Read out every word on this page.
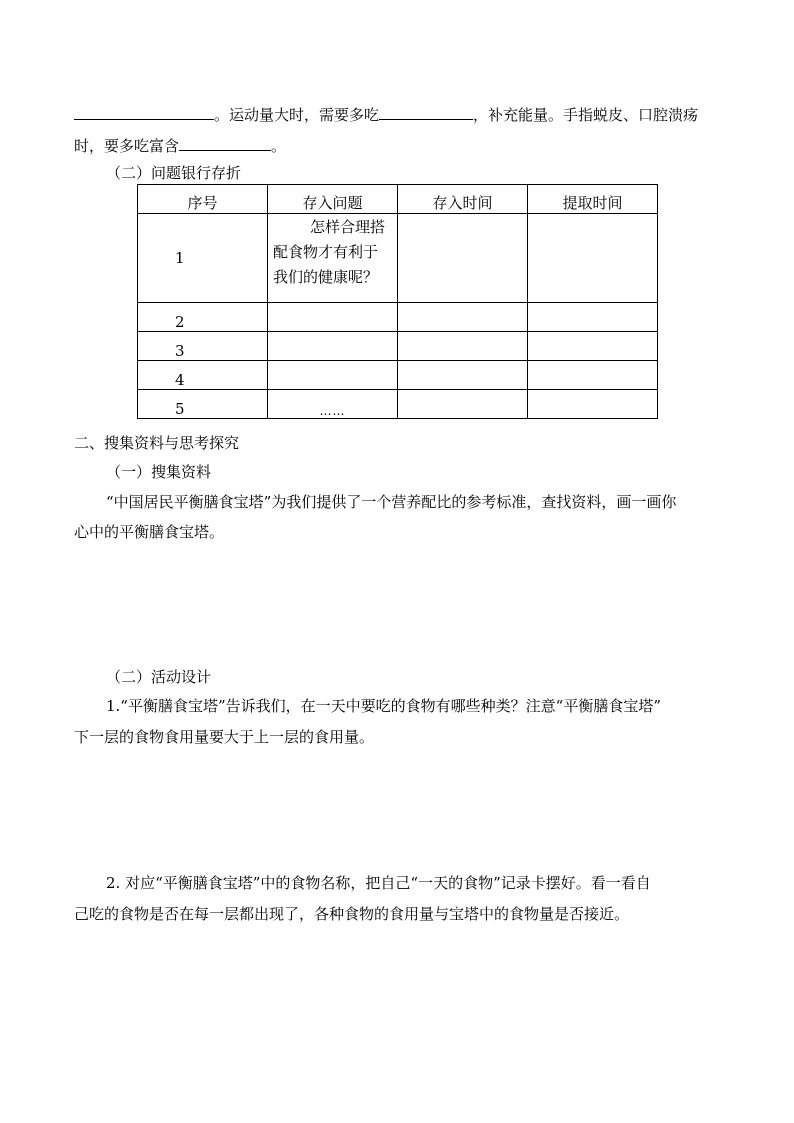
。运动量大时，需要多吃	，补充能量。手指蜕皮、口腔溃疡
时，要多吃富含	。
（二）问题银行存折
序号	存入问题	存入时间	提取时间
1	怎样合理搭
配食物才有利于
我们的健康呢？		

2			
3			
4			
5	……		
二、搜集资料与思考探究
（一）搜集资料
“中国居民平衡膳食宝塔”为我们提供了一个营养配比的参考标准，查找资料，画一画你
心中的平衡膳食宝塔。
（二）活动设计
1.“平衡膳食宝塔”告诉我们，在一天中要吃的食物有哪些种类？注意“平衡膳食宝塔”
下一层的食物食用量要大于上一层的食用量。
2. 对应“平衡膳食宝塔”中的食物名称，把自己“一天的食物”记录卡摆好。看一看自
己吃的食物是否在每一层都出现了，各种食物的食用量与宝塔中的食物量是否接近。
